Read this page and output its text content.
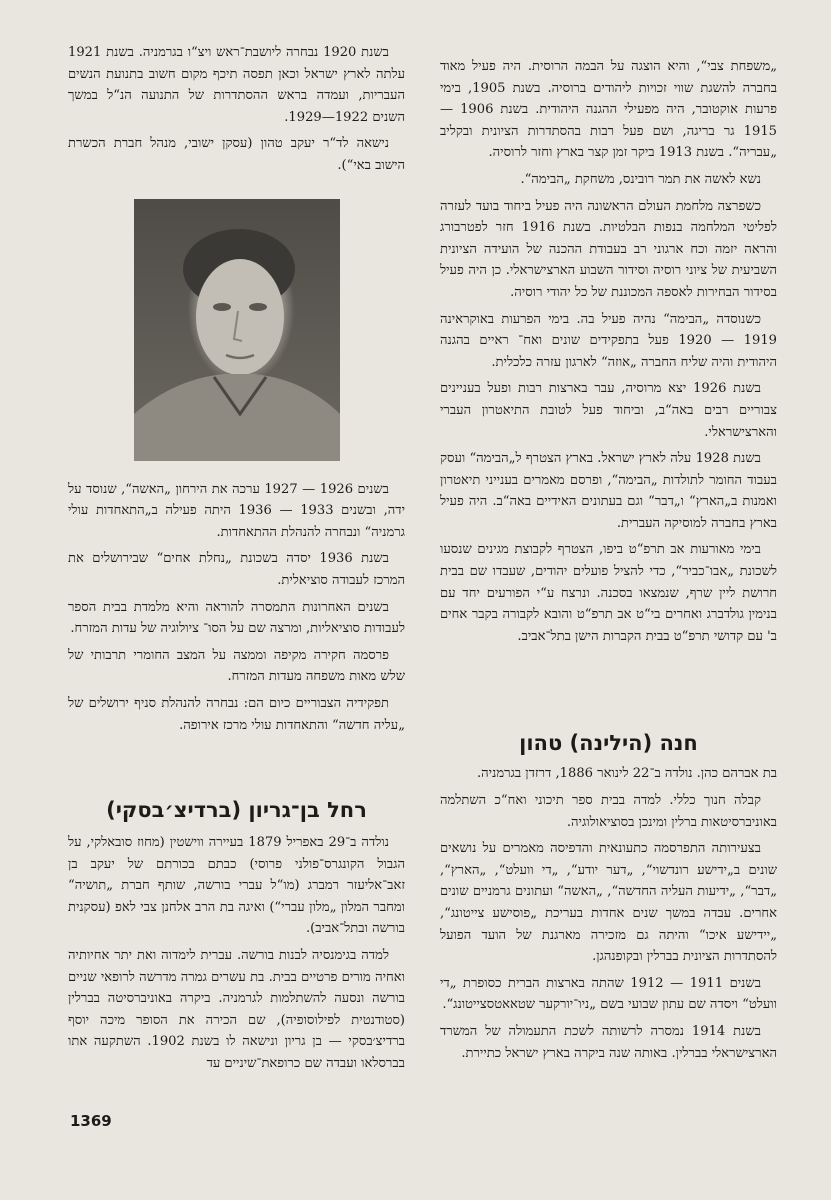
„משפחת צבי“, והיא הוצגה על הבמה הרוסית. היה פעיל מאוד בחברה להשגת שווי זכויות ליהודים ברוסיה. בשנת 1905, בימי פרעות אוקטובר, היה מפעילי ההגנה היהודית. בשנת 1906 — 1915 גר בריגה, ושם פעל רבות בהסתדרות הציונית ובקליב „עבריה“. בשנת 1913 ביקר זמן קצר בארץ וחזר לרוסיה.

נשא לאשה את תמר רובינס, משחקת „הבימה“.

כשפרצה מלחמת העולם הראשונה היה פעיל ביחוד בועד לעזרה לפליטי המלחמה בנפות הבלטיות. בשנת 1916 חזר לפטרבורג והראה יזמה וכח ארגוני רב בעבודת ההכנה של הועידה הציונית השביעית של ציוני רוסיה וסידור השבוע הארצישראלי. כן היה פעיל בסידור הבחירות לאספה המכוננת של כל יהודי רוסיה.

כשנוסדה „הבימה“ נהיה פעיל בה. בימי הפרעות באוקראינה 1919 — 1920 פעל בתפקידים שונים ואח־ ראיים בהגנה היהודית והיה שליח החברה „אוזה“ לארגון עזרה כלכלית.

בשנת 1926 יצא מרוסיה, עבר בארצות רבות ופעל בעניינים צבוריים רבים באה“ב, וביחוד פעל לטובת התיאטרון העברי והארצישראלי.

בשנת 1928 עלה לארץ ישראל. בארץ הצטרף ל„הבימה“ ועסק בעבוד החומר לתולדות „הבימה“, ופרסם מאמרים בענייני תיאטרון ואמנות ב„הארץ“ ו„דבר“ וגם בעתונים האידיים באה“ב. היה פעיל בארץ בחברה למוסיקה העברית.

בימי מאורעות אב תרפ“ט ביפו, הצטרף לקבוצת מגינים שנסעו לשכונת „אבו־כביר“, כדי להציל פועלים יהודים, שעבדו שם בבית חרושת ליין שרף, שנמצאו בסכנה. ונרצח ע“י הפורעים יחד עם בנימין גולדברג ואחרים בי“ט אב תרפ“ט והובא לקבורה בקבר אחים ב' עם קדושי תרפ“ט בבית הקברות הישן בתל־אביב.

חנה (הילינה) טהון

בת אברהם כהן. נולדה ב־22 לינואר 1886, דרזדן בגרמניה.

קבלה חנוך כללי. למדה בבית ספר תיכוני ואח“כ השתלמה באוניברסיטאות ברלין ומינכן בסוציאולוגיה.

בצעירותה התפרסמה כתעונאית והדפיסה מאמרים על נושאים שונים ב„ידישע רונדשוי“, „דער יודע“, „די וועלט“, „הארץ“, „דבר“, „ידיעות העליה החדשה“, „האשה“ ועתונים גרמניים שונים אחרים. עבדה במשך שנים אחדות בעריכת „פוסישע צייטונג“, „יידישע איכו“ והיתה גם מזכירה מארגנת של הועד הפועל להסתדרות הציונית בברלין ובקופנהגן.

בשנים 1911 — 1912 שהתה בארצות הברית כסופרת „די וועלט“ ויסדה שם עתון שבועי בשם „ניו־יורקער שטאאטסצייטונג“.

בשנת 1914 נמסרה לרשותה לשכת התעמולה של המשרד הארצישראלי בברלין. באותה שנה ביקרה בארץ ישראל כתיירת.

בשנת 1920 נבחרה ליושבת־ראש ויצ“ו בגרמניה. בשנת 1921 עלתה לארץ ישראל וכאן תפסה תיכף מקום חשוב בתנועת הנשים העבריות, ועמדה בראש ההסתדרות של התנועה הנ“ל במשך השנים 1922—1929.

נישאה לד“ר יעקב טהון (עסקן ישובי, מנהל חברת הכשרת הישוב באי“).

בשנים 1926 — 1927 ערכה את הירחון „האשה“, שנוסד על ידה, ובשנים 1933 — 1936 היתה פעילה ב„התאחדות עולי גרמניה“ ונבחרה להנהלת ההתאחדות.

בשנת 1936 יסדה בשכונת „נחלת אחים“ שבירושלים את המרכז לעבודה סוציאלית.

בשנים האחרונות התמסרה להוראה והיא מלמדת בבית הספר לעבודות סוציאליות, ומרצה שם על הסו־ ציולוגיה של עדות המזרח.

פרסמה חקירה מקיפה וממצה על המצב החומרי תרבותי של שלש מאות משפחה מעדות המזרח.

תפקידיה הצבוריים כיום הם: נבחרה להנהלת סניף ירושלים של „עליה חדשה“ והתאחדות עולי מרכז אירופה.

רחל בן־גריון (ברדיצ׳בסקי)

נולדה ב־29 באפריל 1879 בעיירה ווישטין (מחוז סובאלקי, על הגבול הקונגרס־פולני פרוסי) כבתם בכורתם של יעקב בן זאב־אליעזר רמברג (מו“ל עברי בורשה, שותף חברת „תושיה“ ומחבר המלון „מלון עברי“) ואיגה בת הרב אלחנן צבי לאפ (עסקנית בורשה ובתל־אביב).

למדה בגימנסיה לבנות בורשה. עברית לימדוה ואת יתר אחיותיה ואחיה מורים פרטיים בבית. בת עשרים גמרה מדרשה לרופאי שניים בורשה ונסעה להשתלמות לגרמניה. ביקרה באוניברסיטה בברלין (סטודנטית לפילוסופיה), שם הכירה את הסופר מיכה יוסף ברדיצ׳בסקי — בן גריון ונישאה לו בשנת 1902. השתקעה אתו בברסלאו ועבדה שם כרופאת־שיניים עד

1369
